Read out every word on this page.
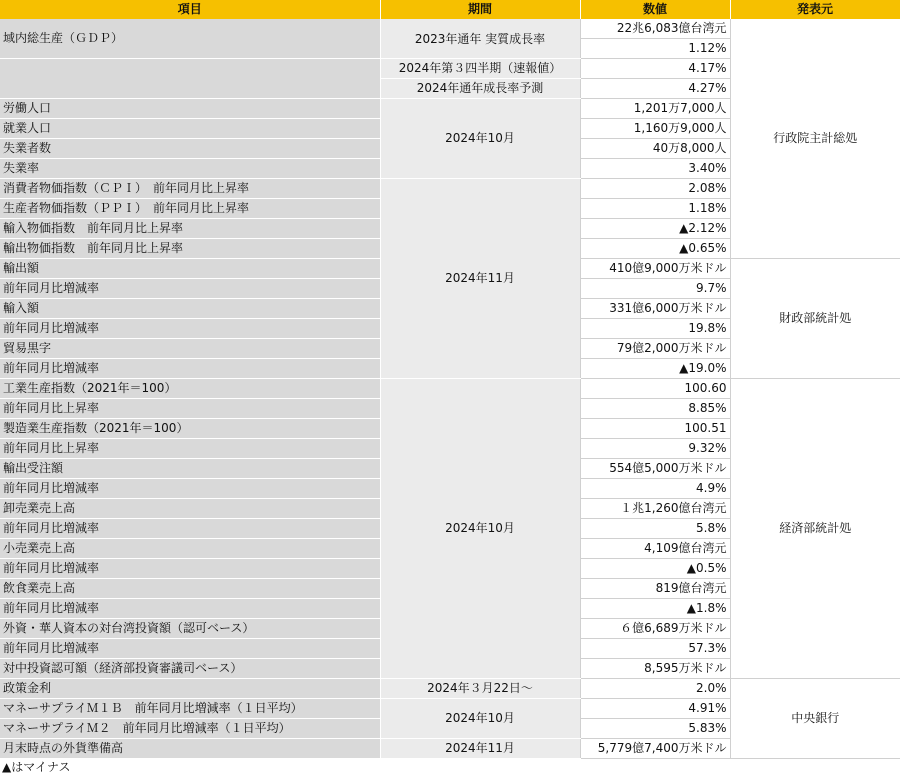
項目	期間	数値	発表元
域内総生産（ＧＤＰ）	2023年通年 実質成長率	22兆6,083億台湾元	行政院主計総処
		1.12%	
	2024年第３四半期（速報値）	4.17%	
	2024年通年成長率予測	4.27%	
労働人口	2024年10月	1,201万7,000人	
就業人口		1,160万9,000人	
失業者数		40万8,000人	
失業率		3.40%	
消費者物価指数（ＣＰＩ）　前年同月比上昇率	2024年11月	2.08%	
生産者物価指数（ＰＰＩ）　前年同月比上昇率		1.18%	
輸入物価指数　前年同月比上昇率		▲2.12%	
輸出物価指数　前年同月比上昇率		▲0.65%	
輸出額		410億9,000万米ドル	財政部統計処
前年同月比増減率		9.7%	
輸入額		331億6,000万米ドル	
前年同月比増減率		19.8%	
貿易黒字		79億2,000万米ドル	
前年同月比増減率		▲19.0%	
工業生産指数（2021年＝100）	2024年10月	100.60	経済部統計処
前年同月比上昇率		8.85%	
製造業生産指数（2021年＝100）		100.51	
前年同月比上昇率		9.32%	
輸出受注額		554億5,000万米ドル	
前年同月比増減率		4.9%	
卸売業売上高		１兆1,260億台湾元	
前年同月比増減率		5.8%	
小売業売上高		4,109億台湾元	
前年同月比増減率		▲0.5%	
飲食業売上高		819億台湾元	
前年同月比増減率		▲1.8%	
外資・華人資本の対台湾投資額（認可ベース）		６億6,689万米ドル	
前年同月比増減率		57.3%	
対中投資認可額（経済部投資審議司ベース）		8,595万米ドル	
政策金利	2024年３月22日～	2.0%	中央銀行
マネーサプライＭ１Ｂ　前年同月比増減率（１日平均）	2024年10月	4.91%	
マネーサプライＭ２　前年同月比増減率（１日平均）		5.83%	
月末時点の外貨準備高	2024年11月	5,779億7,400万米ドル	
▲はマイナス
